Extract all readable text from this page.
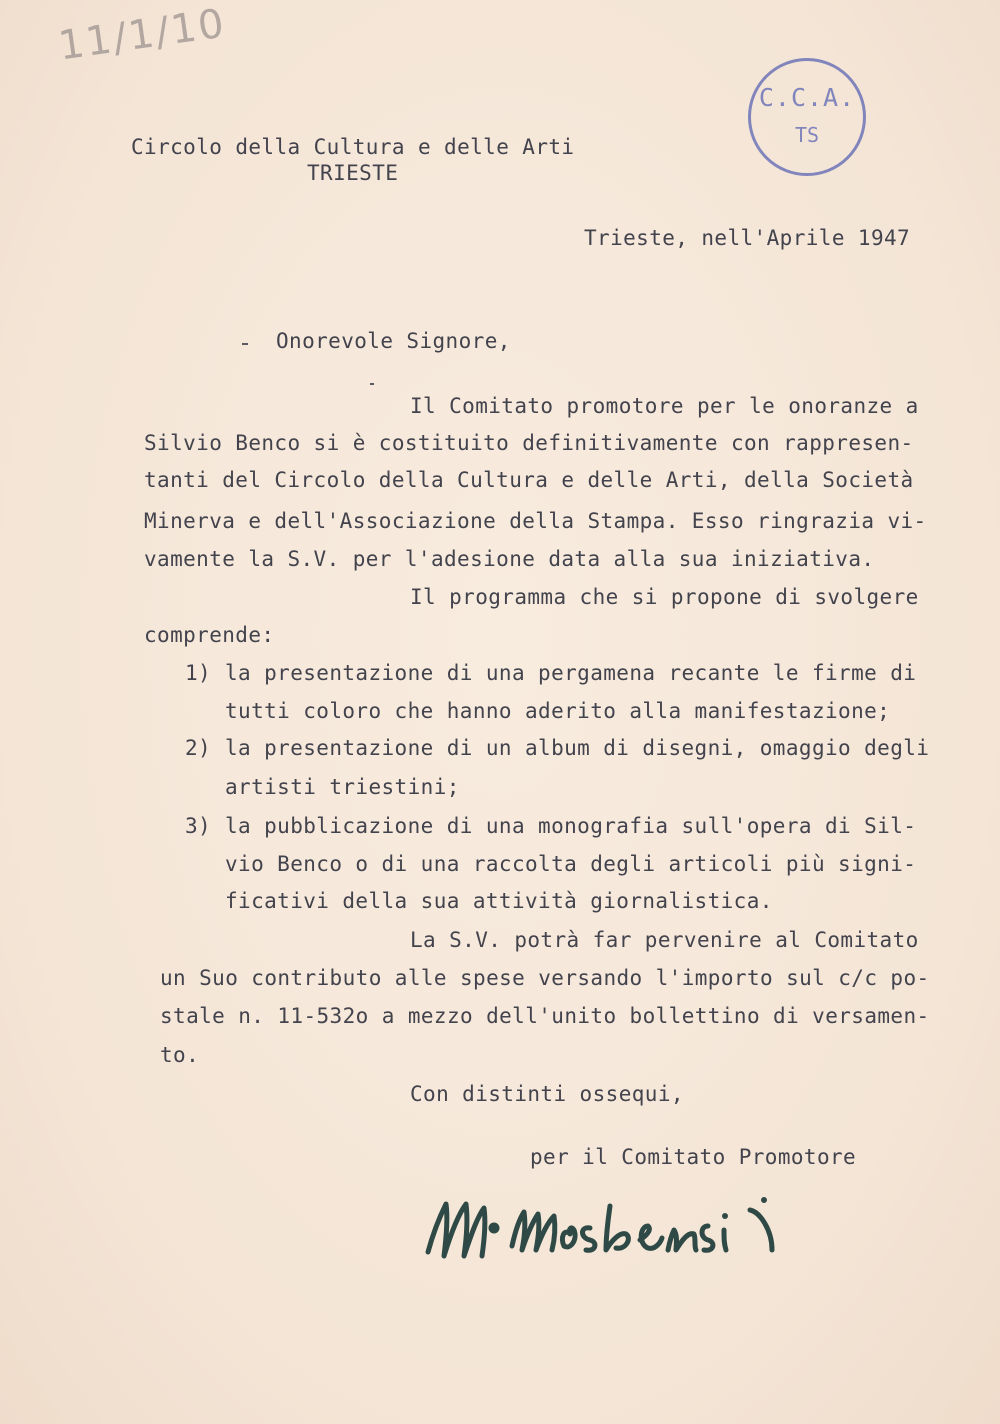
11/1/10
C.C.A.
TS
Circolo della Cultura e delle Arti
TRIESTE
Trieste, nell'Aprile 1947
Onorevole Signore,
Il Comitato promotore per le onoranze a
Silvio Benco si è costituito definitivamente con rappresen-
tanti del Circolo della Cultura e delle Arti, della Società
Minerva e dell'Associazione della Stampa. Esso ringrazia vi-
vamente la S.V. per l'adesione data alla sua iniziativa.
Il programma che si propone di svolgere
comprende:
1) la presentazione di una pergamena recante le firme di
tutti coloro che hanno aderito alla manifestazione;
2) la presentazione di un album di disegni, omaggio degli
artisti triestini;
3) la pubblicazione di una monografia sull'opera di Sil-
vio Benco o di una raccolta degli articoli più signi-
ficativi della sua attività giornalistica.
La S.V. potrà far pervenire al Comitato
un Suo contributo alle spese versando l'importo sul c/c po-
stale n. 11-532o a mezzo dell'unito bollettino di versamen-
to.
Con distinti ossequi,
per il Comitato Promotore
